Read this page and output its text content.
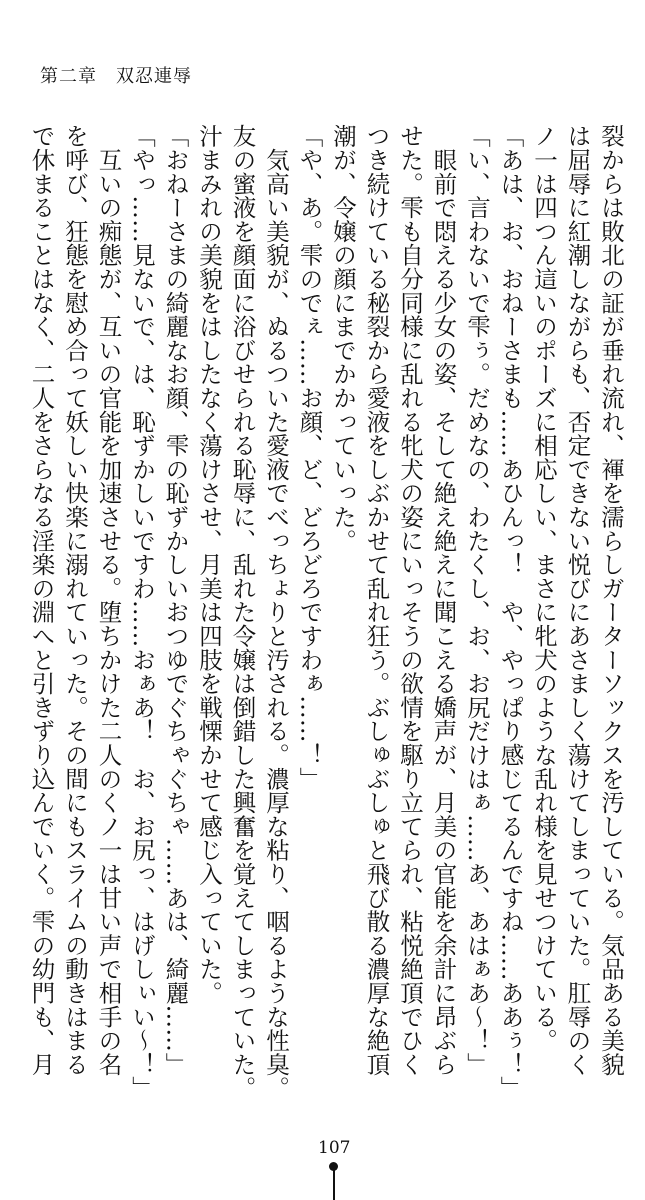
第二章　 双忍連辱
裂からは敗北の証が垂れ流れ、褌を濡らしガーターソックスを汚している。気品ある美貌
は屈辱に紅潮しながらも、否定できない悦びにあさましく蕩けてしまっていた。肛辱のく
ノ一は四つん這いのポーズに相応しい、まさに牝犬のような乱れ様を見せつけている。
「あは、お、おねーさまも……あひんっ！　や、やっぱり感じてるんですね……ああぅ！」
「い、言わないで雫ぅ。だめなの、わたくし、お、お尻だけはぁ……あ、あはぁあ～！」
　眼前で悶える少女の姿、そして絶え絶えに聞こえる嬌声が、月美の官能を余計に昂ぶら
せた。雫も自分同様に乱れる牝犬の姿にいっそうの欲情を駆り立てられ、粘悦絶頂でひく
つき続けている秘裂から愛液をしぶかせて乱れ狂う。ぶしゅぶしゅと飛び散る濃厚な絶頂
潮が、令嬢の顔にまでかかっていった。
「や、あ。雫のでぇ……お顔、ど、どろどろですわぁ……！」
　気高い美貌が、ぬるついた愛液でべっちょりと汚される。濃厚な粘り、咽るような性臭。
友の蜜液を顔面に浴びせられる恥辱に、乱れた令嬢は倒錯した興奮を覚えてしまっていた。
汁まみれの美貌をはしたなく蕩けさせ、月美は四肢を戦慄かせて感じ入っていた。
「おねーさまの綺麗なお顔、雫の恥ずかしいおつゆでぐちゃぐちゃ……あは、綺麗……」
「やっ……見ないで、は、恥ずかしいですわ……おぁあ！　お、お尻っ、はげしぃい～！」
　互いの痴態が、互いの官能を加速させる。堕ちかけた二人のくノ一は甘い声で相手の名
を呼び、狂態を慰め合って妖しい快楽に溺れていった。その間にもスライムの動きはまる
で休まることはなく、二人をさらなる淫楽の淵へと引きずり込んでいく。雫の幼門も、月
107
